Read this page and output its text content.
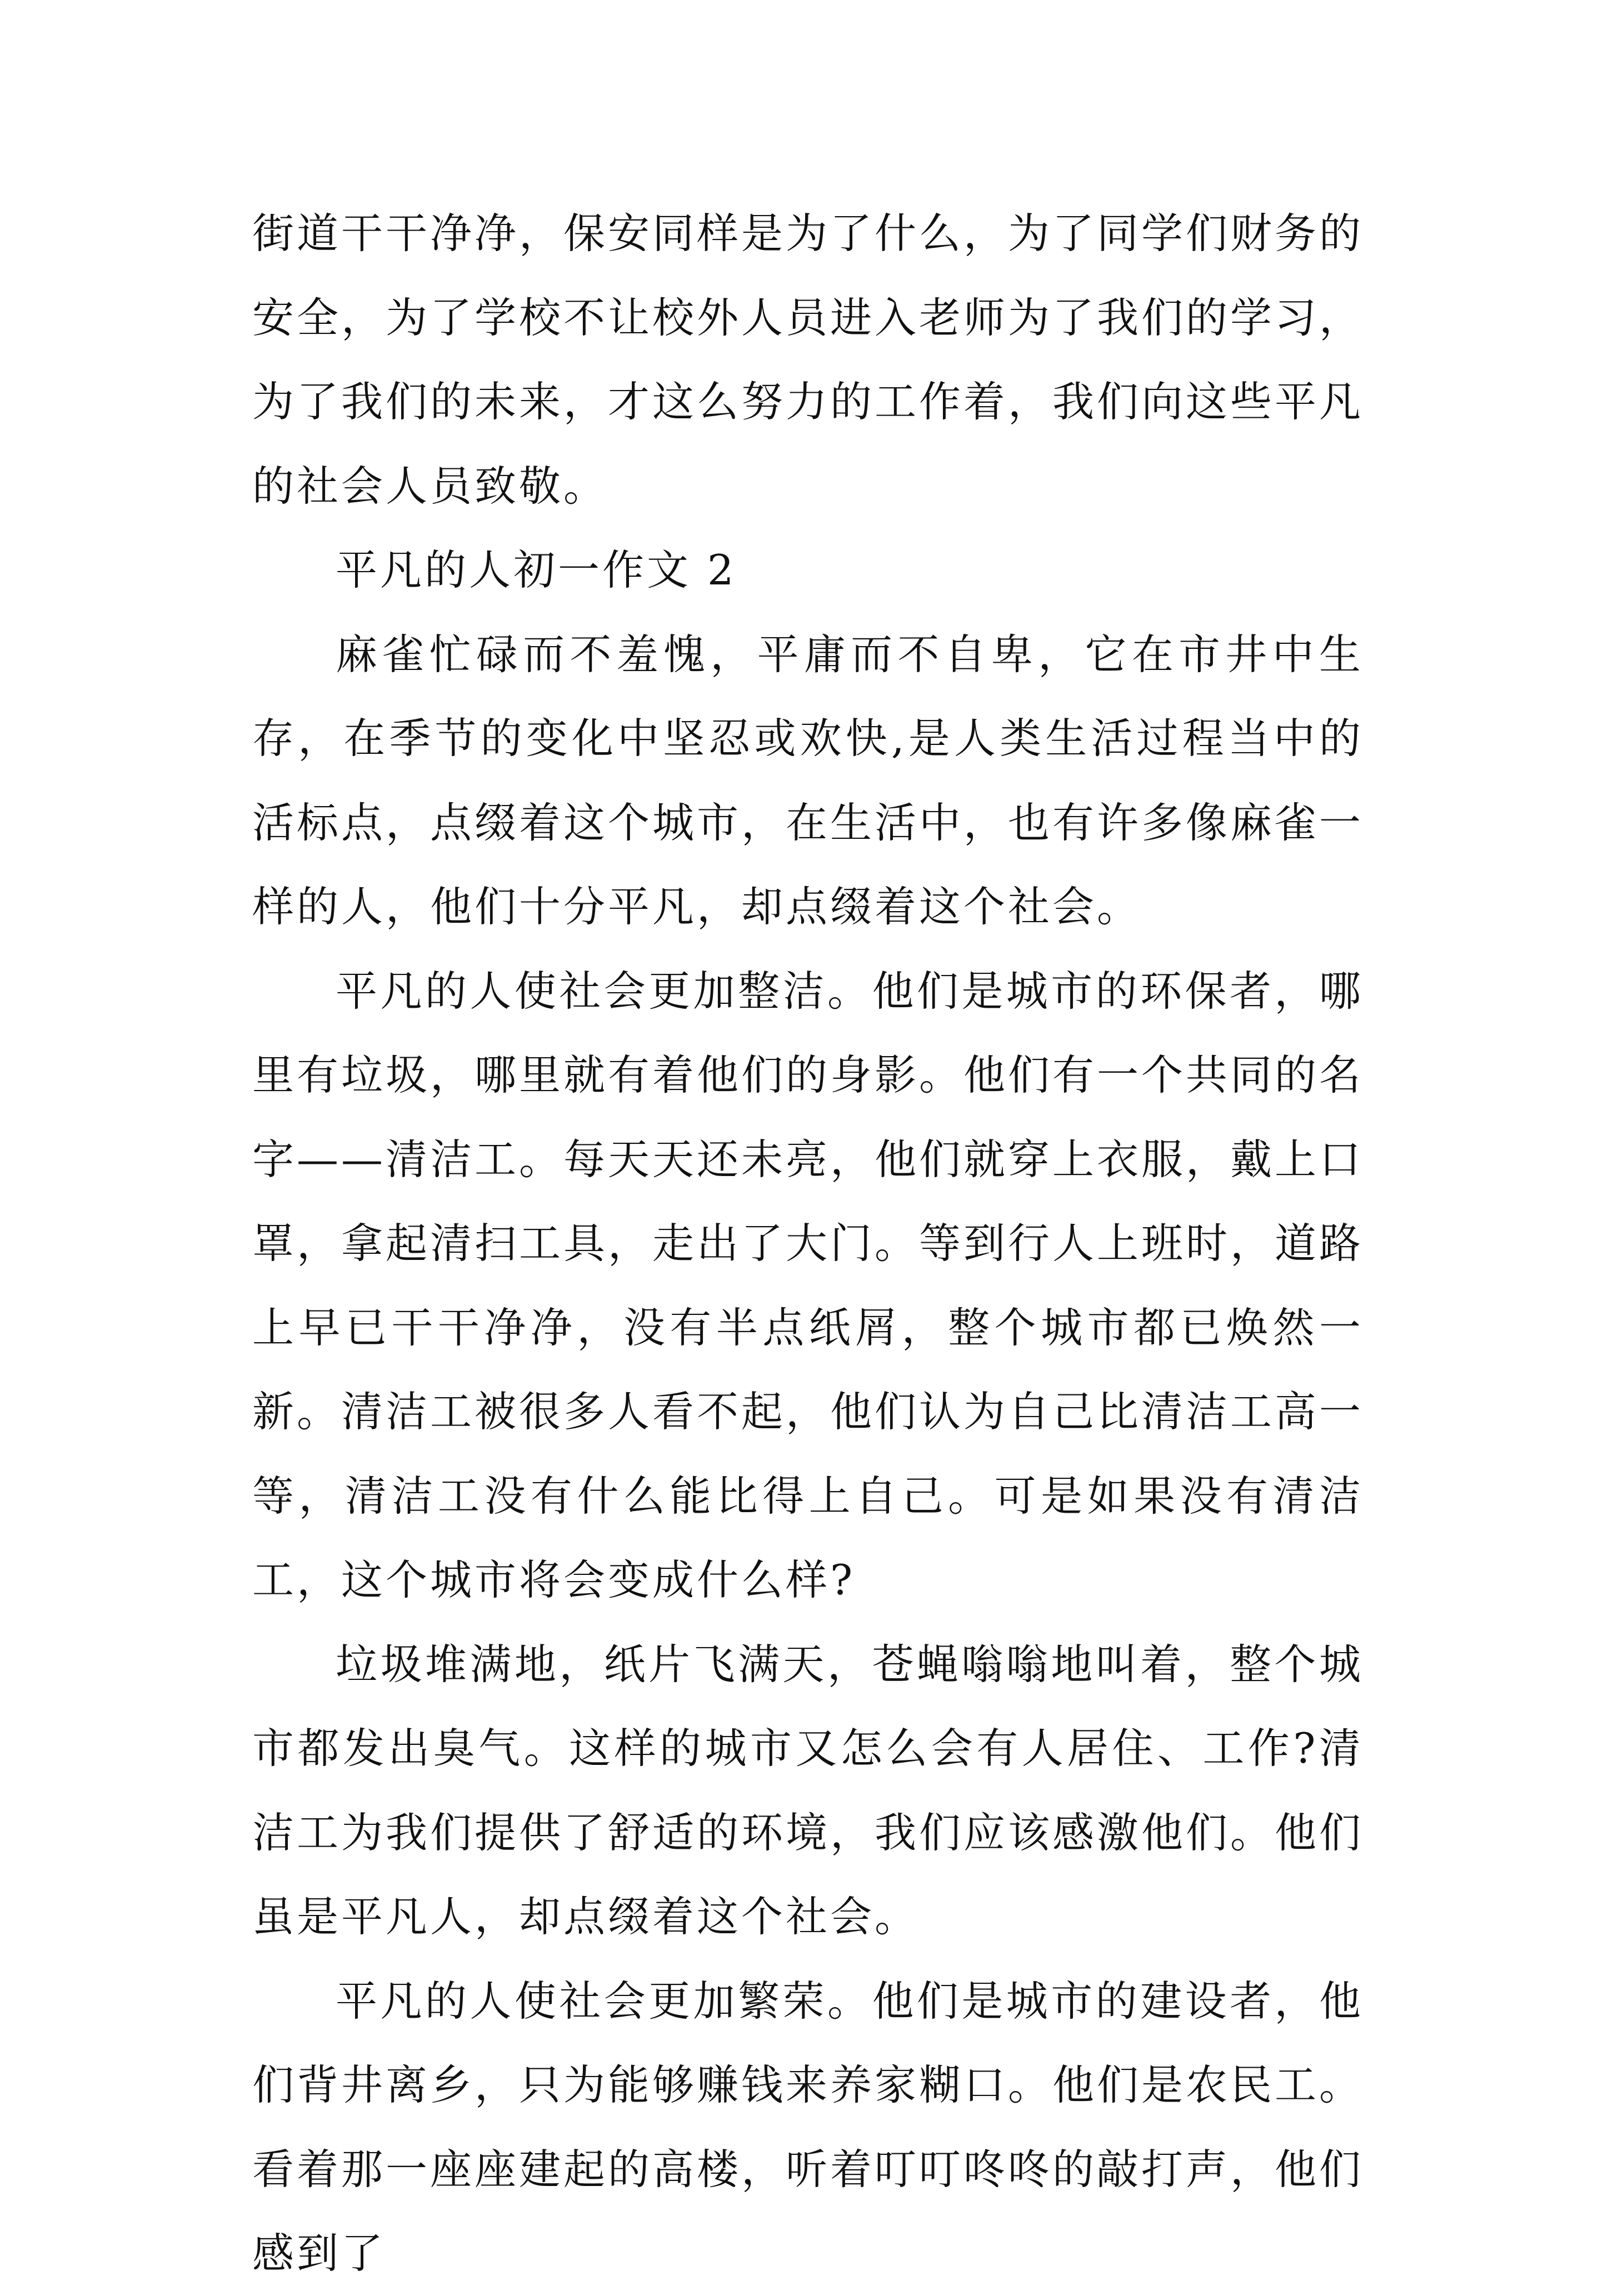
街道干干净净，保安同样是为了什么，为了同学们财务的安全，为了学校不让校外人员进入老师为了我们的学习，为了我们的未来，才这么努力的工作着，我们向这些平凡的社会人员致敬。

平凡的人初一作文 2

麻雀忙碌而不羞愧，平庸而不自卑，它在市井中生存，在季节的变化中坚忍或欢快,是人类生活过程当中的活标点，点缀着这个城市，在生活中，也有许多像麻雀一样的人，他们十分平凡，却点缀着这个社会。

平凡的人使社会更加整洁。他们是城市的环保者，哪里有垃圾，哪里就有着他们的身影。他们有一个共同的名字——清洁工。每天天还未亮，他们就穿上衣服，戴上口罩，拿起清扫工具，走出了大门。等到行人上班时，道路上早已干干净净，没有半点纸屑，整个城市都已焕然一新。清洁工被很多人看不起，他们认为自己比清洁工高一等，清洁工没有什么能比得上自己。可是如果没有清洁工，这个城市将会变成什么样?

垃圾堆满地，纸片飞满天，苍蝇嗡嗡地叫着，整个城市都发出臭气。这样的城市又怎么会有人居住、工作?清洁工为我们提供了舒适的环境，我们应该感激他们。他们虽是平凡人，却点缀着这个社会。

平凡的人使社会更加繁荣。他们是城市的建设者，他们背井离乡，只为能够赚钱来养家糊口。他们是农民工。看着那一座座建起的高楼，听着叮叮咚咚的敲打声，他们感到了
